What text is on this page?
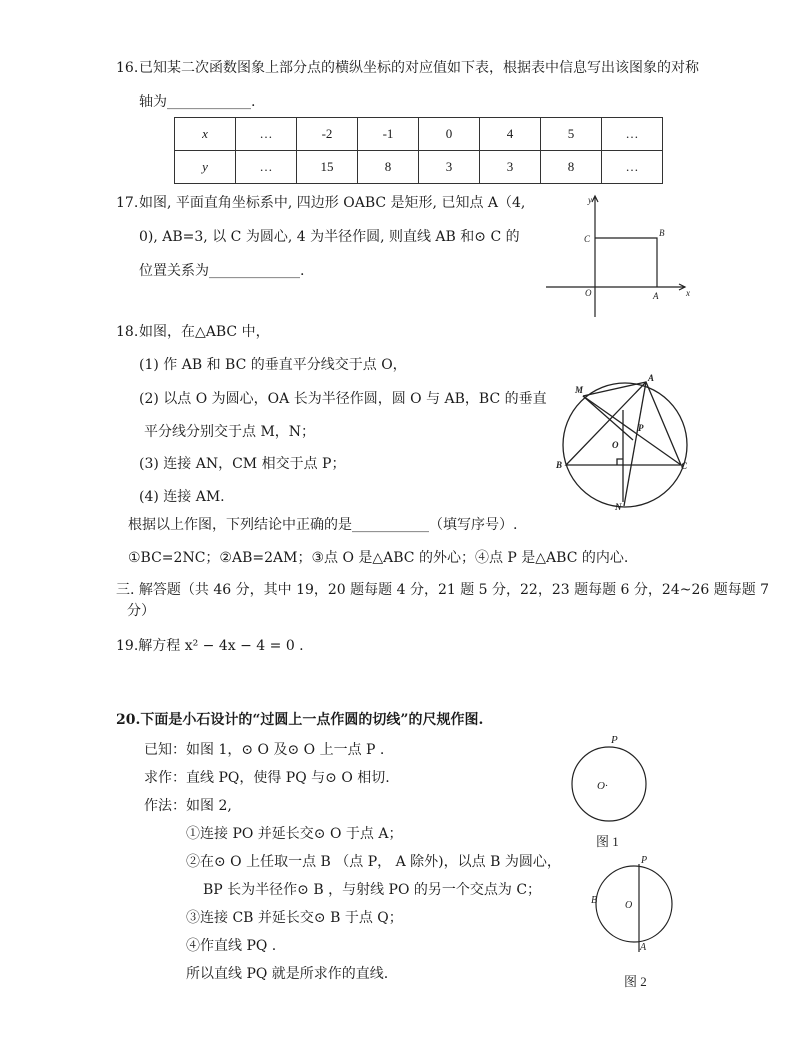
16. 已知某二次函数图象上部分点的横纵坐标的对应值如下表，根据表中信息写出该图象的对称
轴为____________.
x	…	-2	-1	0	4	5	…
y	…	15	8	3	3	8	…
17. 如图, 平面直角坐标系中, 四边形 OABC 是矩形, 已知点 A（4,
0), AB=3, 以 C 为圆心, 4 为半径作圆, 则直线 AB 和⊙ C 的
位置关系为_____________.
y
x
O	A
B
C
18. 如图，在△ABC 中，
(1) 作 AB 和 BC 的垂直平分线交于点 O，
(2) 以点 O 为圆心，OA 长为半径作圆，圆 O 与 AB，BC 的垂直
平分线分别交于点 M，N；
(3) 连接 AN，CM 相交于点 P；
(4) 连接 AM.
根据以上作图，下列结论中正确的是___________（填写序号）.
①BC=2NC；②AB=2AM；③点 O 是△ABC 的外心；④点 P 是△ABC 的内心.
M
A
P
O
B	C
N
三. 解答题（共 46 分，其中 19，20 题每题 4 分，21 题 5 分，22，23 题每题 6 分，24~26 题每题 7
分）
19.解方程 x² − 4x − 4 = 0 .
20.下面是小石设计的“过圆上一点作圆的切线”的尺规作图.
已知：如图 1，⊙ O 及⊙ O 上一点 P .
求作：直线 PQ，使得 PQ 与⊙ O 相切.
作法：如图 2,
①连接 PO 并延长交⊙ O 于点 A；
②在⊙ O 上任取一点 B （点 P， A 除外)，以点 B 为圆心，
BP 长为半径作⊙ B ，与射线 PO 的另一个交点为 C；
③连接 CB 并延长交⊙ B 于点 Q；
④作直线 PQ .
所以直线 PQ 就是所求作的直线.
P
O·
图 1
P
O
B
A
图 2
